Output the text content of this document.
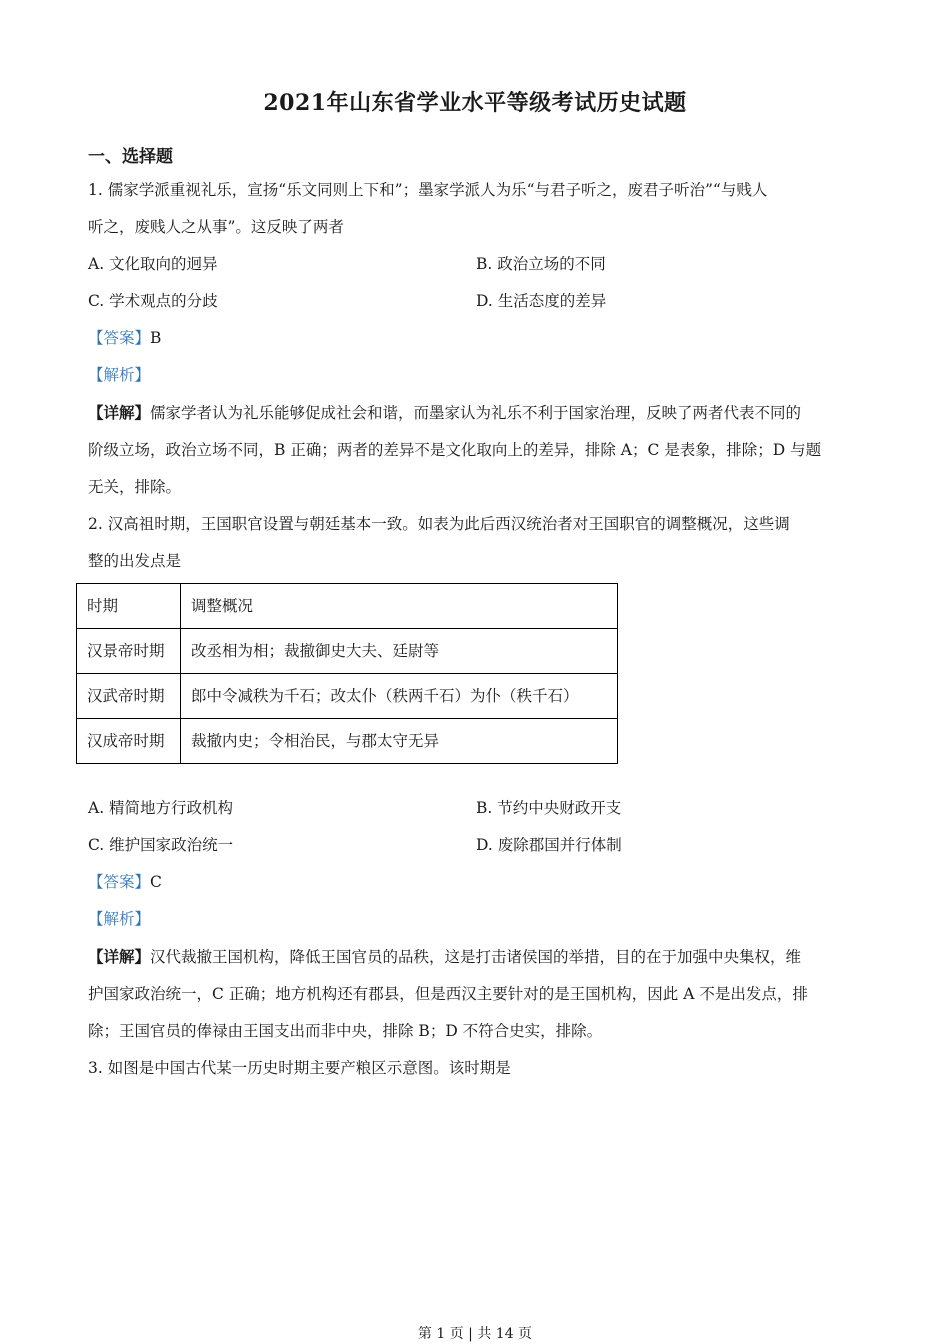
2021年山东省学业水平等级考试历史试题
一、选择题

1. 儒家学派重视礼乐，宣扬“乐文同则上下和”；墨家学派人为乐“与君子听之，废君子听治”“与贱人

听之，废贱人之从事”。这反映了两者

A. 文化取向的迥异	B. 政治立场的不同
C. 学术观点的分歧	D. 生活态度的差异

【答案】B

【解析】

【详解】儒家学者认为礼乐能够促成社会和谐，而墨家认为礼乐不利于国家治理，反映了两者代表不同的

阶级立场，政治立场不同，B 正确；两者的差异不是文化取向上的差异，排除 A；C 是表象，排除；D 与题

无关，排除。

2. 汉高祖时期，王国职官设置与朝廷基本一致。如表为此后西汉统治者对王国职官的调整概况，这些调

整的出发点是

时期	调整概况
汉景帝时期	改丞相为相；裁撤御史大夫、廷尉等
汉武帝时期	郎中令减秩为千石；改太仆（秩两千石）为仆（秩千石）
汉成帝时期	裁撤内史；令相治民，与郡太守无异
A. 精简地方行政机构	B. 节约中央财政开支
C. 维护国家政治统一	D. 废除郡国并行体制

【答案】C

【解析】

【详解】汉代裁撤王国机构，降低王国官员的品秩，这是打击诸侯国的举措，目的在于加强中央集权，维

护国家政治统一，C 正确；地方机构还有郡县，但是西汉主要针对的是王国机构，因此 A 不是出发点，排

除；王国官员的俸禄由王国支出而非中央，排除 B；D 不符合史实，排除。

3. 如图是中国古代某一历史时期主要产粮区示意图。该时期是

第 1 页 | 共 14 页
